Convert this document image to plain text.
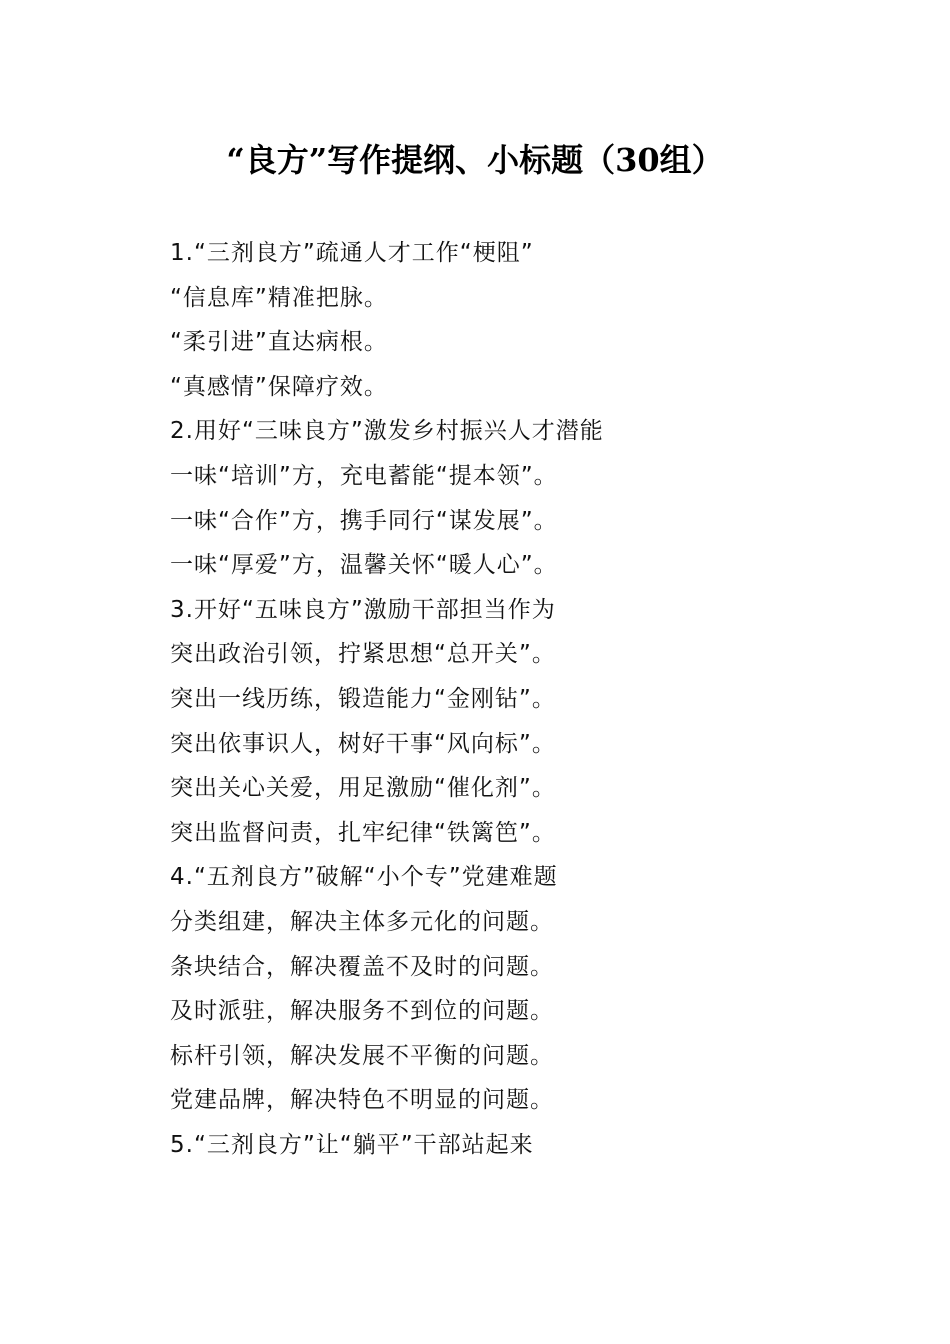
“良方”写作提纲、小标题（30组）
1.“三剂良方”疏通人才工作“梗阻”
“信息库”精准把脉。
“柔引进”直达病根。
“真感情”保障疗效。
2.用好“三味良方”激发乡村振兴人才潜能
一味“培训”方，充电蓄能“提本领”。
一味“合作”方，携手同行“谋发展”。
一味“厚爱”方，温馨关怀“暖人心”。
3.开好“五味良方”激励干部担当作为
突出政治引领，拧紧思想“总开关”。
突出一线历练，锻造能力“金刚钻”。
突出依事识人，树好干事“风向标”。
突出关心关爱，用足激励“催化剂”。
突出监督问责，扎牢纪律“铁篱笆”。
4.“五剂良方”破解“小个专”党建难题
分类组建，解决主体多元化的问题。
条块结合，解决覆盖不及时的问题。
及时派驻，解决服务不到位的问题。
标杆引领，解决发展不平衡的问题。
党建品牌，解决特色不明显的问题。
5.“三剂良方”让“躺平”干部站起来
